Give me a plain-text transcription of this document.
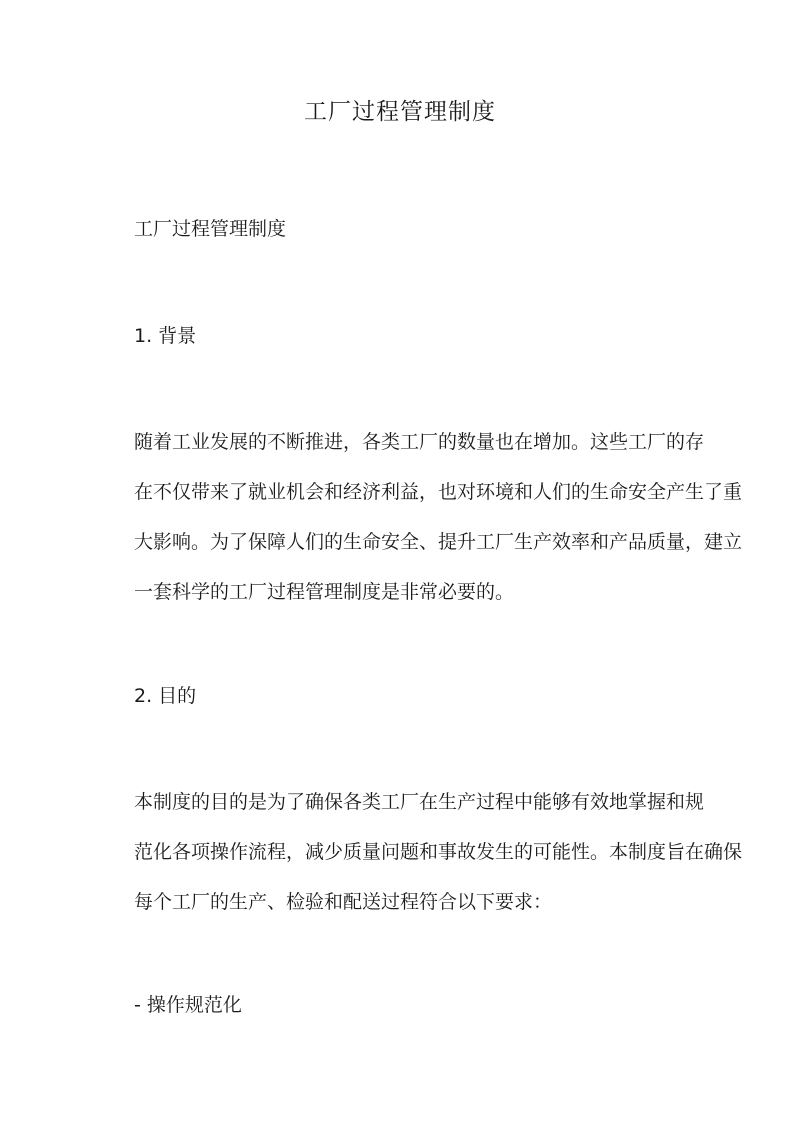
工厂过程管理制度
工厂过程管理制度
1. 背景
随着工业发展的不断推进，各类工厂的数量也在增加。这些工厂的存
在不仅带来了就业机会和经济利益，也对环境和人们的生命安全产生了重
大影响。为了保障人们的生命安全、提升工厂生产效率和产品质量，建立
一套科学的工厂过程管理制度是非常必要的。
2. 目的
本制度的目的是为了确保各类工厂在生产过程中能够有效地掌握和规
范化各项操作流程，减少质量问题和事故发生的可能性。本制度旨在确保
每个工厂的生产、检验和配送过程符合以下要求：
- 操作规范化
